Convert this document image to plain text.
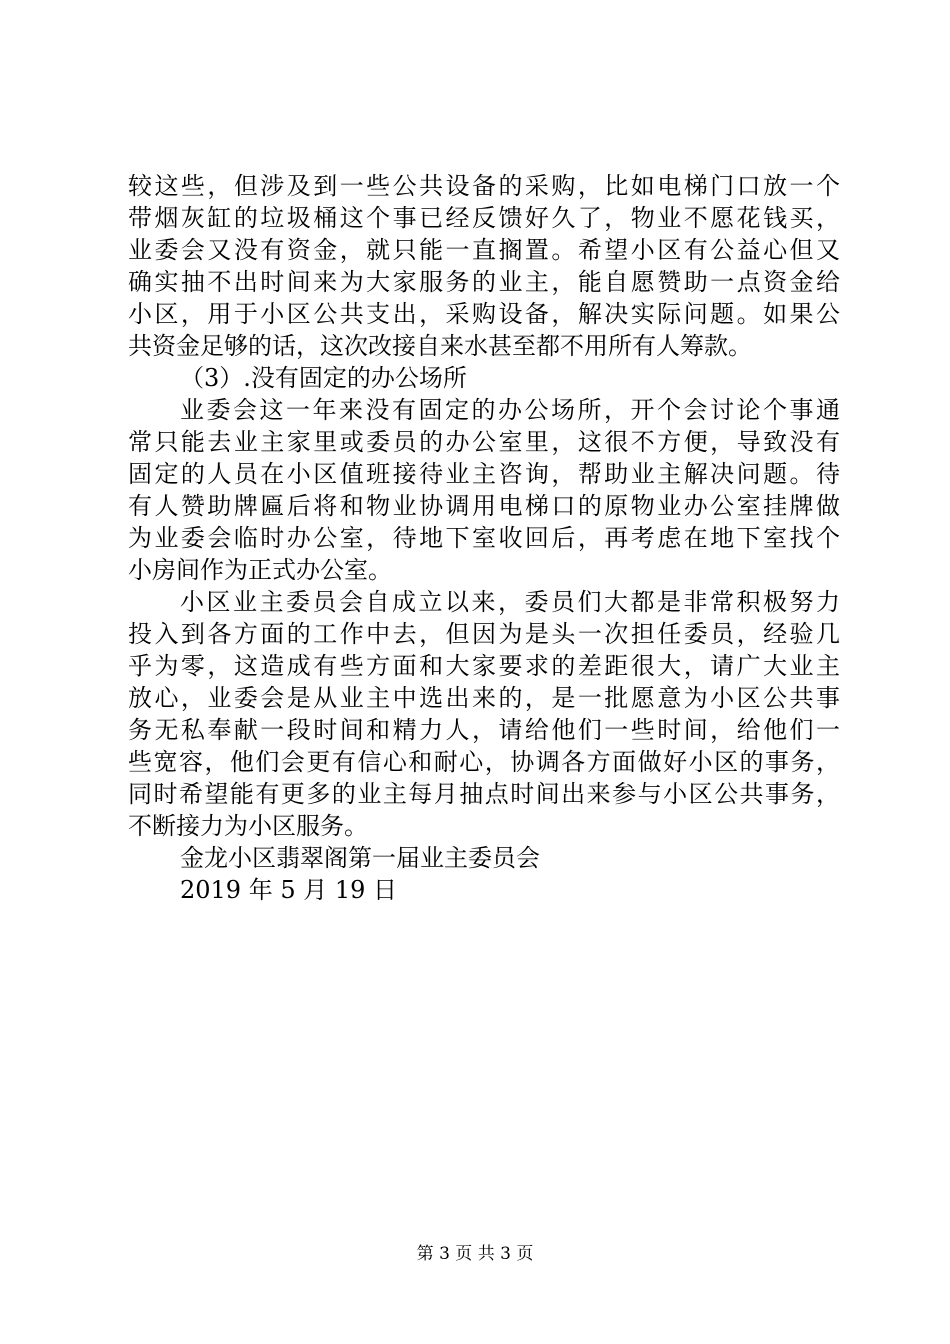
较这些，但涉及到一些公共设备的采购，比如电梯门口放一个
带烟灰缸的垃圾桶这个事已经反馈好久了，物业不愿花钱买，
业委会又没有资金，就只能一直搁置。希望小区有公益心但又
确实抽不出时间来为大家服务的业主，能自愿赞助一点资金给
小区，用于小区公共支出，采购设备，解决实际问题。如果公
共资金足够的话，这次改接自来水甚至都不用所有人筹款。
（3）.没有固定的办公场所
业委会这一年来没有固定的办公场所，开个会讨论个事通
常只能去业主家里或委员的办公室里，这很不方便，导致没有
固定的人员在小区值班接待业主咨询，帮助业主解决问题。待
有人赞助牌匾后将和物业协调用电梯口的原物业办公室挂牌做
为业委会临时办公室，待地下室收回后，再考虑在地下室找个
小房间作为正式办公室。
小区业主委员会自成立以来，委员们大都是非常积极努力
投入到各方面的工作中去，但因为是头一次担任委员，经验几
乎为零，这造成有些方面和大家要求的差距很大，请广大业主
放心，业委会是从业主中选出来的，是一批愿意为小区公共事
务无私奉献一段时间和精力人，请给他们一些时间，给他们一
些宽容，他们会更有信心和耐心，协调各方面做好小区的事务，
同时希望能有更多的业主每月抽点时间出来参与小区公共事务，
不断接力为小区服务。
金龙小区翡翠阁第一届业主委员会
2019 年 5 月 19 日
第 3 页 共 3 页
